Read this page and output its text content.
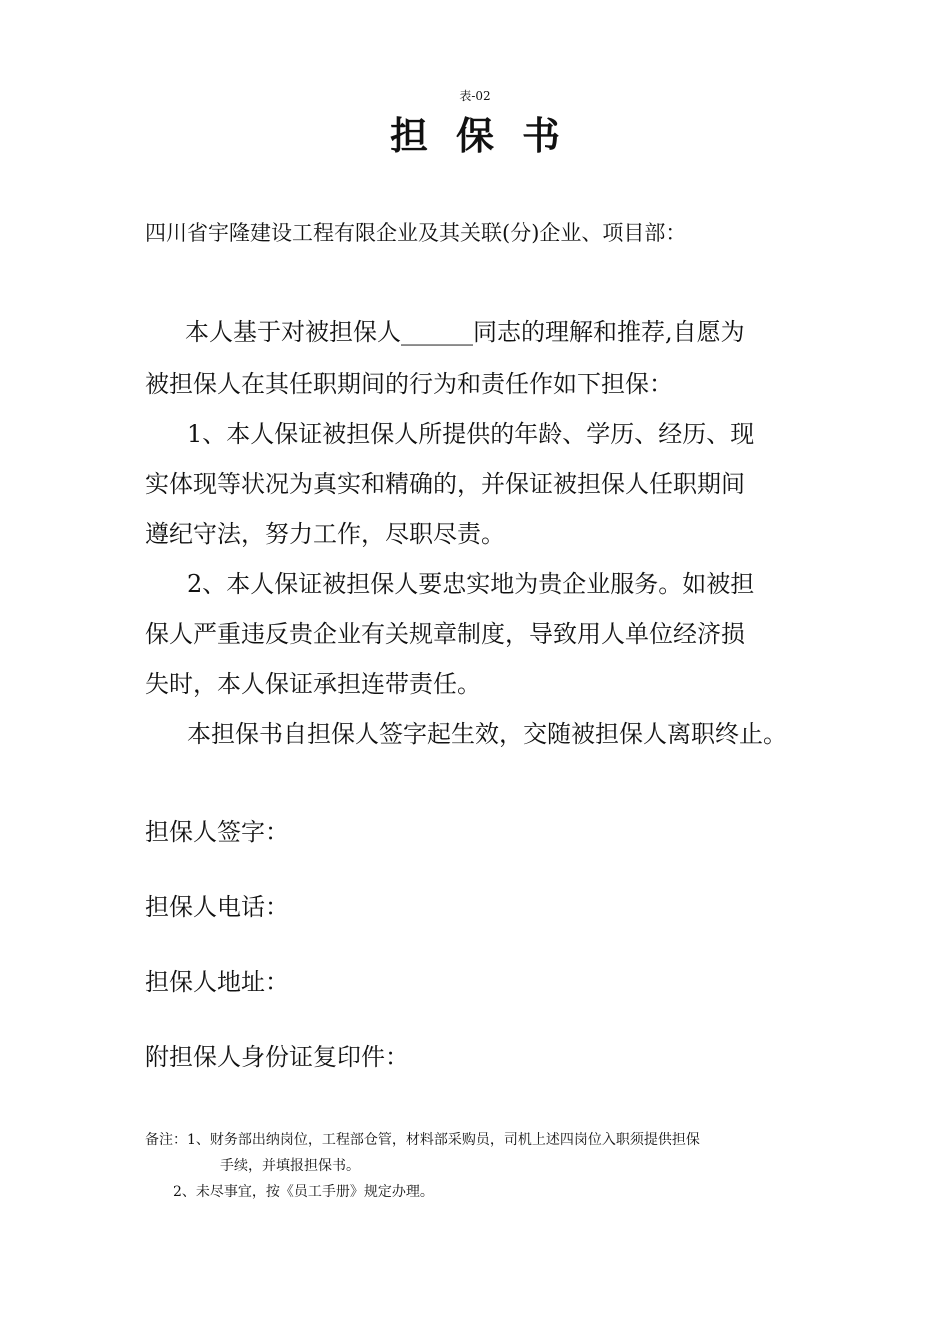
表-02
担保书
四川省宇隆建设工程有限企业及其关联(分)企业、项目部：
本人基于对被担保人______同志的理解和推荐,自愿为
被担保人在其任职期间的行为和责任作如下担保：
1、本人保证被担保人所提供的年龄、学历、经历、现
实体现等状况为真实和精确的，并保证被担保人任职期间
遵纪守法，努力工作，尽职尽责。
2、本人保证被担保人要忠实地为贵企业服务。如被担
保人严重违反贵企业有关规章制度，导致用人单位经济损
失时，本人保证承担连带责任。
本担保书自担保人签字起生效，交随被担保人离职终止。
担保人签字：
担保人电话：
担保人地址：
附担保人身份证复印件：
备注：1、财务部出纳岗位，工程部仓管，材料部采购员，司机上述四岗位入职须提供担保
手续，并填报担保书。
2、未尽事宜，按《员工手册》规定办理。
